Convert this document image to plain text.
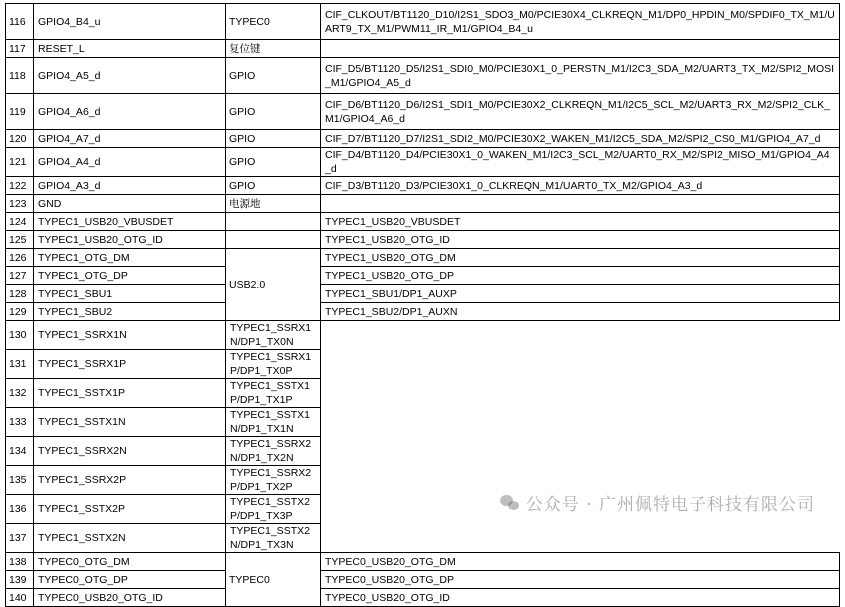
116	GPIO4_B4_u	TYPEC0	CIF_CLKOUT/BT1120_D10/I2S1_SDO3_M0/PCIE30X4_CLKREQN_M1/DP0_HPDIN_M0/SPDIF0_TX_M1/UART9_TX_M1/PWM11_IR_M1/GPIO4_B4_u
117	RESET_L	复位键	
118	GPIO4_A5_d	GPIO	CIF_D5/BT1120_D5/I2S1_SDI0_M0/PCIE30X1_0_PERSTN_M1/I2C3_SDA_M2/UART3_TX_M2/SPI2_MOSI_M1/GPIO4_A5_d
119	GPIO4_A6_d	GPIO	CIF_D6/BT1120_D6/I2S1_SDI1_M0/PCIE30X2_CLKREQN_M1/I2C5_SCL_M2/UART3_RX_M2/SPI2_CLK_M1/GPIO4_A6_d
120	GPIO4_A7_d	GPIO	CIF_D7/BT1120_D7/I2S1_SDI2_M0/PCIE30X2_WAKEN_M1/I2C5_SDA_M2/SPI2_CS0_M1/GPIO4_A7_d
121	GPIO4_A4_d	GPIO	CIF_D4/BT1120_D4/PCIE30X1_0_WAKEN_M1/I2C3_SCL_M2/UART0_RX_M2/SPI2_MISO_M1/GPIO4_A4_d
122	GPIO4_A3_d	GPIO	CIF_D3/BT1120_D3/PCIE30X1_0_CLKREQN_M1/UART0_TX_M2/GPIO4_A3_d
123	GND	电源地	
124	TYPEC1_USB20_VBUSDET		TYPEC1_USB20_VBUSDET
125	TYPEC1_USB20_OTG_ID		TYPEC1_USB20_OTG_ID
126	TYPEC1_OTG_DM	USB2.0	TYPEC1_USB20_OTG_DM
127	TYPEC1_OTG_DP		TYPEC1_USB20_OTG_DP
128	TYPEC1_SBU1		TYPEC1_SBU1/DP1_AUXP
129	TYPEC1_SBU2		TYPEC1_SBU2/DP1_AUXN
130	TYPEC1_SSRX1N	TYPEC1_SSRX1N/DP1_TX0N	
131	TYPEC1_SSRX1P	TYPEC1_SSRX1P/DP1_TX0P	
132	TYPEC1_SSTX1P	TYPEC1_SSTX1P/DP1_TX1P	
133	TYPEC1_SSTX1N	TYPEC1_SSTX1N/DP1_TX1N	
134	TYPEC1_SSRX2N	TYPEC1_SSRX2N/DP1_TX2N	
135	TYPEC1_SSRX2P	TYPEC1_SSRX2P/DP1_TX2P	
136	TYPEC1_SSTX2P	TYPEC1_SSTX2P/DP1_TX3P	
137	TYPEC1_SSTX2N	TYPEC1_SSTX2N/DP1_TX3N	
138	TYPEC0_OTG_DM	TYPEC0	TYPEC0_USB20_OTG_DM
139	TYPEC0_OTG_DP		TYPEC0_USB20_OTG_DP
140	TYPEC0_USB20_OTG_ID		TYPEC0_USB20_OTG_ID
公众号 · 广州佩特电子科技有限公司
